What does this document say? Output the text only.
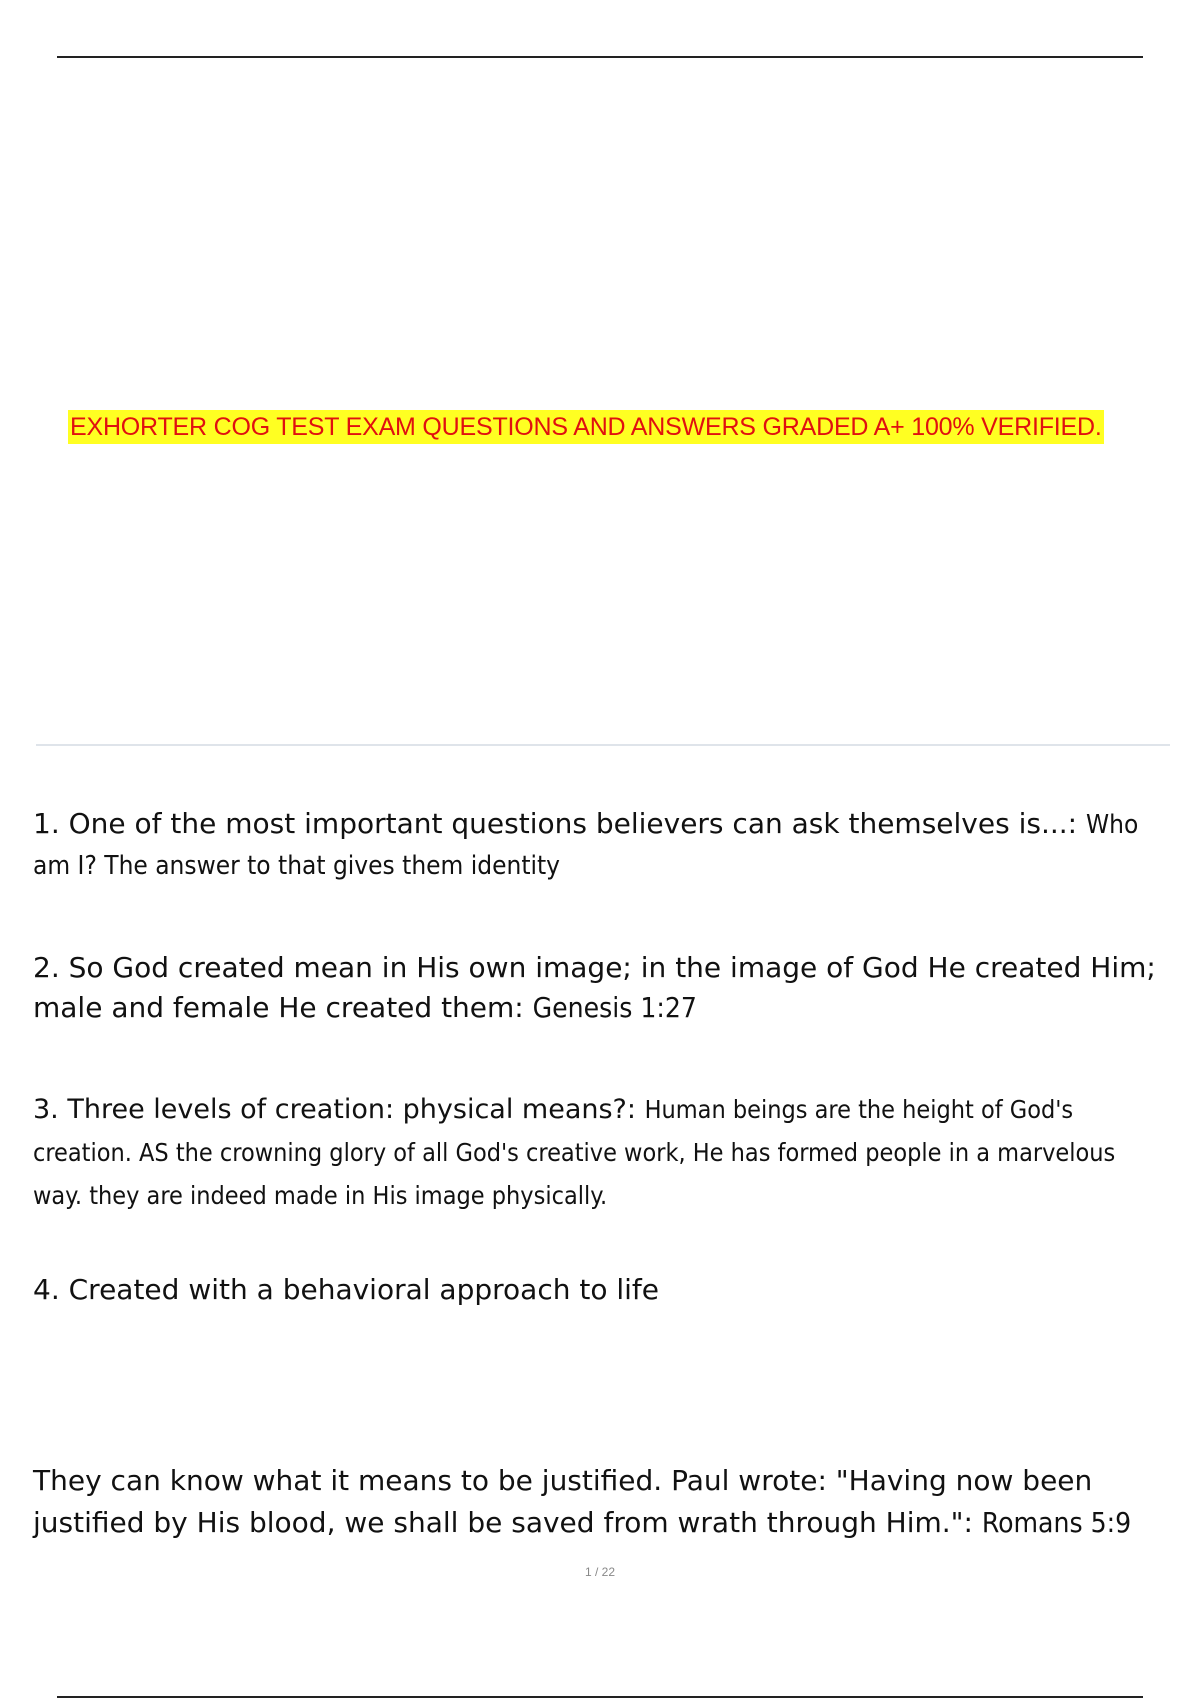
EXHORTER COG TEST EXAM QUESTIONS AND ANSWERS GRADED A+ 100% VERIFIED.
1. One of the most important questions believers can ask themselves is...: Who am I? The answer to that gives them identity
2. So God created mean in His own image; in the image of God He created Him; male and female He created them: Genesis 1:27
3. Three levels of creation: physical means?: Human beings are the height of God's creation. AS the crowning glory of all God's creative work, He has formed people in a marvelous way. they are indeed made in His image physically.
4. Created with a behavioral approach to life
They can know what it means to be justified. Paul wrote: "Having now been justified by His blood, we shall be saved from wrath through Him.": Romans 5:9
1 / 22
